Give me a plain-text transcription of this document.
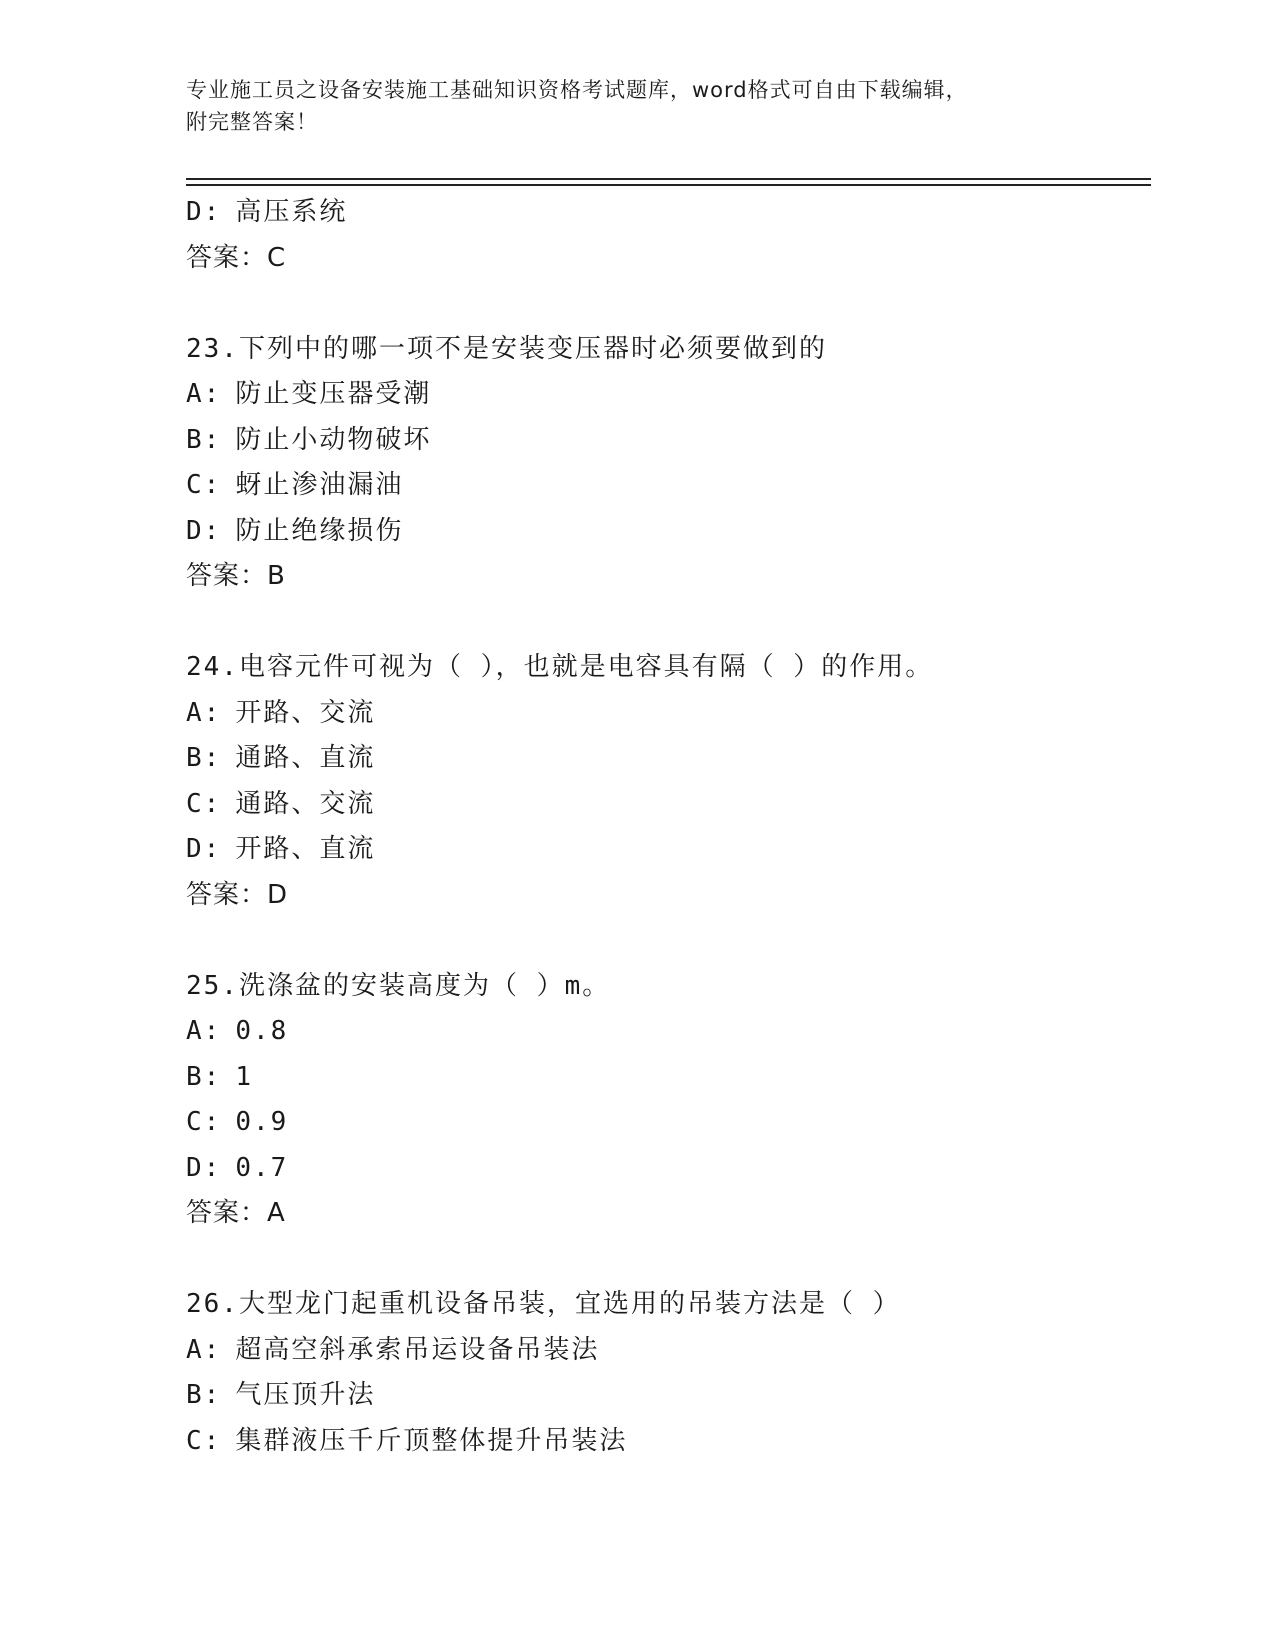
专业施工员之设备安装施工基础知识资格考试题库，word格式可自由下载编辑，
附完整答案！
D: 高压系统
答案：C
23.下列中的哪一项不是安装变压器时必须要做到的
A: 防止变压器受潮
B: 防止小动物破坏
C: 蚜止渗油漏油
D: 防止绝缘损伤
答案：B
24.电容元件可视为（ ），也就是电容具有隔（ ）的作用。
A: 开路、交流
B: 通路、直流
C: 通路、交流
D: 开路、直流
答案：D
25.洗涤盆的安装高度为（ ）m。
A: 0.8
B: 1
C: 0.9
D: 0.7
答案：A
26.大型龙门起重机设备吊装，宜选用的吊装方法是（ ）
A: 超高空斜承索吊运设备吊装法
B: 气压顶升法
C: 集群液压千斤顶整体提升吊装法
